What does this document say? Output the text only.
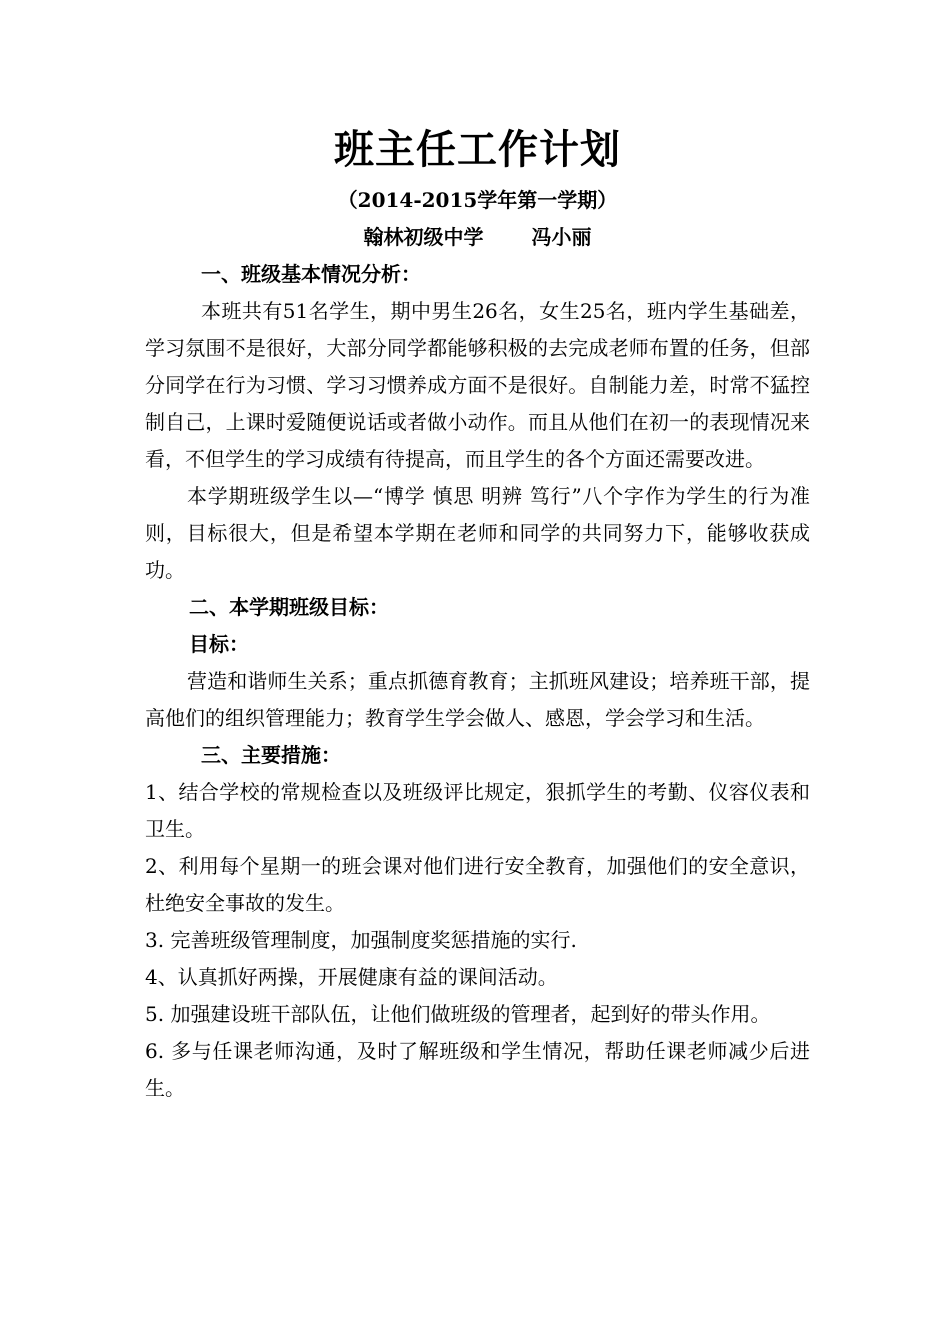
班主任工作计划

（2014-2015学年第一学期）

翰林初级中学 冯小丽

一、班级基本情况分析：

本班共有51名学生，期中男生26名，女生25名，班内学生基础差，学习氛围不是很好，大部分同学都能够积极的去完成老师布置的任务，但部分同学在行为习惯、学习习惯养成方面不是很好。自制能力差，时常不猛控制自己，上课时爱随便说话或者做小动作。而且从他们在初一的表现情况来看，不但学生的学习成绩有待提高，而且学生的各个方面还需要改进。

本学期班级学生以—“博学 慎思 明辨 笃行”八个字作为学生的行为准则，目标很大，但是希望本学期在老师和同学的共同努力下，能够收获成功。

二、本学期班级目标：

目标：

营造和谐师生关系；重点抓德育教育；主抓班风建设；培养班干部，提高他们的组织管理能力；教育学生学会做人、感恩，学会学习和生活。

三、主要措施：

1、结合学校的常规检查以及班级评比规定，狠抓学生的考勤、仪容仪表和卫生。

2、利用每个星期一的班会课对他们进行安全教育，加强他们的安全意识，杜绝安全事故的发生。

3. 完善班级管理制度，加强制度奖惩措施的实行.

4、认真抓好两操，开展健康有益的课间活动。

5. 加强建设班干部队伍，让他们做班级的管理者，起到好的带头作用。

6. 多与任课老师沟通，及时了解班级和学生情况，帮助任课老师减少后进生。
